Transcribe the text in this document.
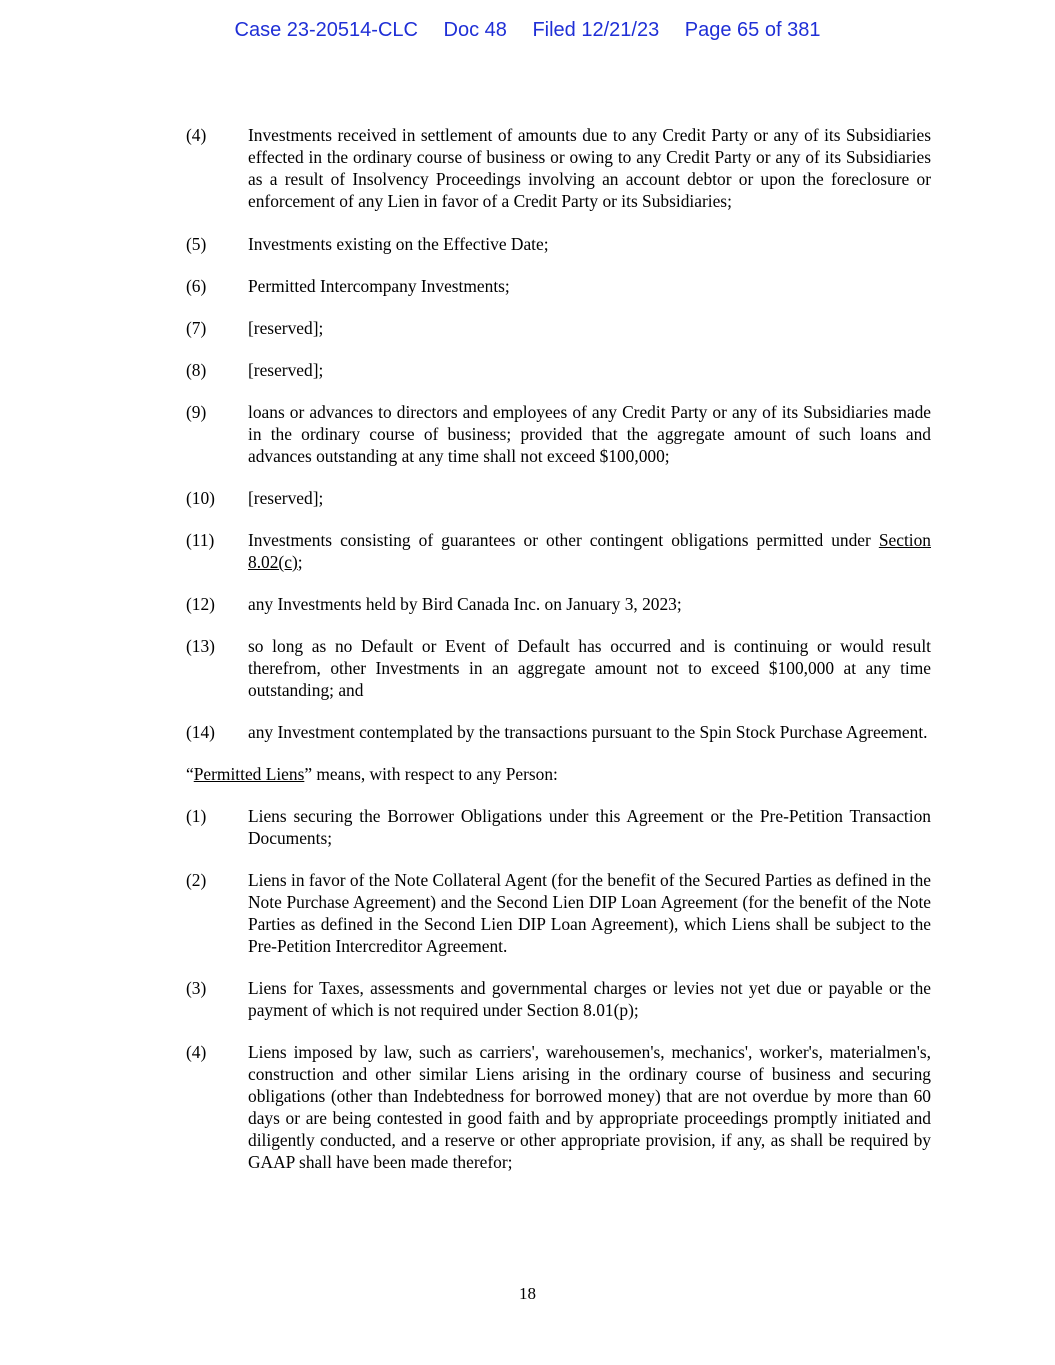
Case 23-20514-CLC Doc 48 Filed 12/21/23 Page 65 of 381
(4)	Investments received in settlement of amounts due to any Credit Party or any of its Subsidiaries effected in the ordinary course of business or owing to any Credit Party or any of its Subsidiaries as a result of Insolvency Proceedings involving an account debtor or upon the foreclosure or enforcement of any Lien in favor of a Credit Party or its Subsidiaries;
(5)	Investments existing on the Effective Date;
(6)	Permitted Intercompany Investments;
(7)	[reserved];
(8)	[reserved];
(9)	loans or advances to directors and employees of any Credit Party or any of its Subsidiaries made in the ordinary course of business; provided that the aggregate amount of such loans and advances outstanding at any time shall not exceed $100,000;
(10)	[reserved];
(11)	Investments consisting of guarantees or other contingent obligations permitted under Section 8.02(c);
(12)	any Investments held by Bird Canada Inc. on January 3, 2023;
(13)	so long as no Default or Event of Default has occurred and is continuing or would result therefrom, other Investments in an aggregate amount not to exceed $100,000 at any time outstanding; and
(14)	any Investment contemplated by the transactions pursuant to the Spin Stock Purchase Agreement.
“Permitted Liens” means, with respect to any Person:
(1)	Liens securing the Borrower Obligations under this Agreement or the Pre-Petition Transaction Documents;
(2)	Liens in favor of the Note Collateral Agent (for the benefit of the Secured Parties as defined in the Note Purchase Agreement) and the Second Lien DIP Loan Agreement (for the benefit of the Note Parties as defined in the Second Lien DIP Loan Agreement), which Liens shall be subject to the Pre-Petition Intercreditor Agreement.
(3)	Liens for Taxes, assessments and governmental charges or levies not yet due or payable or the payment of which is not required under Section 8.01(p);
(4)	Liens imposed by law, such as carriers', warehousemen's, mechanics', worker's, materialmen's, construction and other similar Liens arising in the ordinary course of business and securing obligations (other than Indebtedness for borrowed money) that are not overdue by more than 60 days or are being contested in good faith and by appropriate proceedings promptly initiated and diligently conducted, and a reserve or other appropriate provision, if any, as shall be required by GAAP shall have been made therefor;
18
